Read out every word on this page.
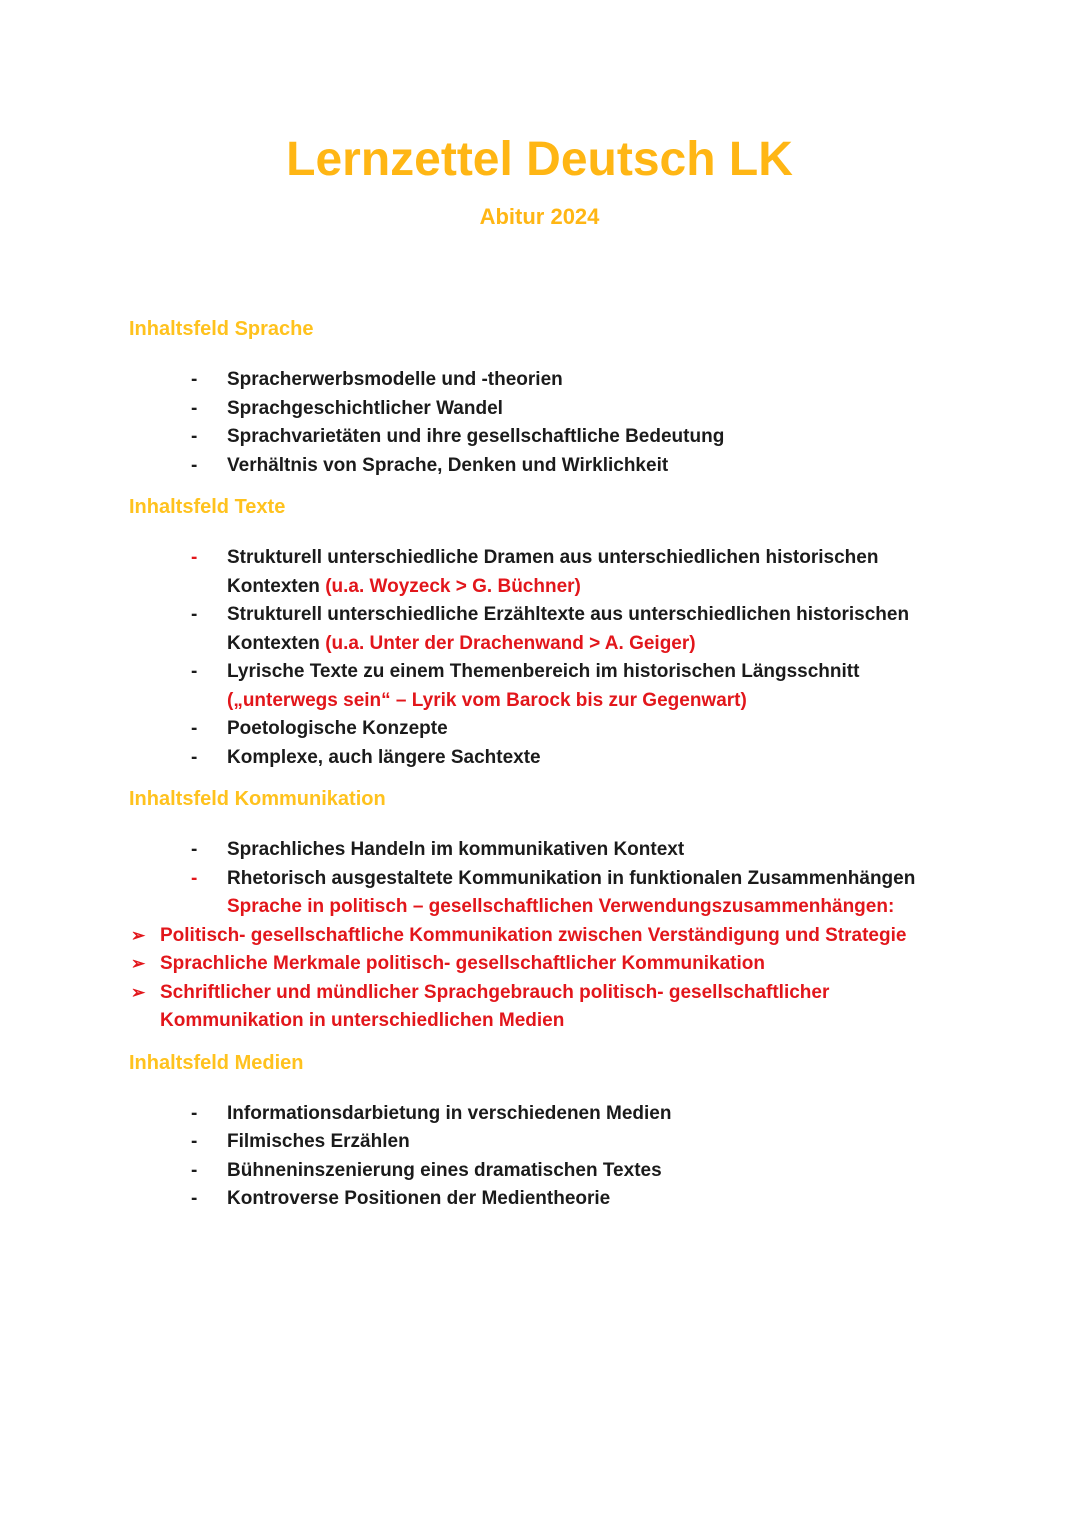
Lernzettel Deutsch LK
Abitur 2024
Inhaltsfeld Sprache
- Spracherwerbsmodelle und -theorien
- Sprachgeschichtlicher Wandel
- Sprachvarietäten und ihre gesellschaftliche Bedeutung
- Verhältnis von Sprache, Denken und Wirklichkeit
Inhaltsfeld Texte
- Strukturell unterschiedliche Dramen aus unterschiedlichen historischen
Kontexten (u.a. Woyzeck > G. Büchner)
- Strukturell unterschiedliche Erzähltexte aus unterschiedlichen historischen
Kontexten (u.a. Unter der Drachenwand > A. Geiger)
- Lyrische Texte zu einem Themenbereich im historischen Längsschnitt
(„unterwegs sein“ – Lyrik vom Barock bis zur Gegenwart)
- Poetologische Konzepte
- Komplexe, auch längere Sachtexte
Inhaltsfeld Kommunikation
- Sprachliches Handeln im kommunikativen Kontext
- Rhetorisch ausgestaltete Kommunikation in funktionalen Zusammenhängen
Sprache in politisch – gesellschaftlichen Verwendungszusammenhängen:
➢ Politisch- gesellschaftliche Kommunikation zwischen Verständigung und Strategie
➢ Sprachliche Merkmale politisch- gesellschaftlicher Kommunikation
➢ Schriftlicher und mündlicher Sprachgebrauch politisch- gesellschaftlicher
Kommunikation in unterschiedlichen Medien
Inhaltsfeld Medien
- Informationsdarbietung in verschiedenen Medien
- Filmisches Erzählen
- Bühneninszenierung eines dramatischen Textes
- Kontroverse Positionen der Medientheorie
